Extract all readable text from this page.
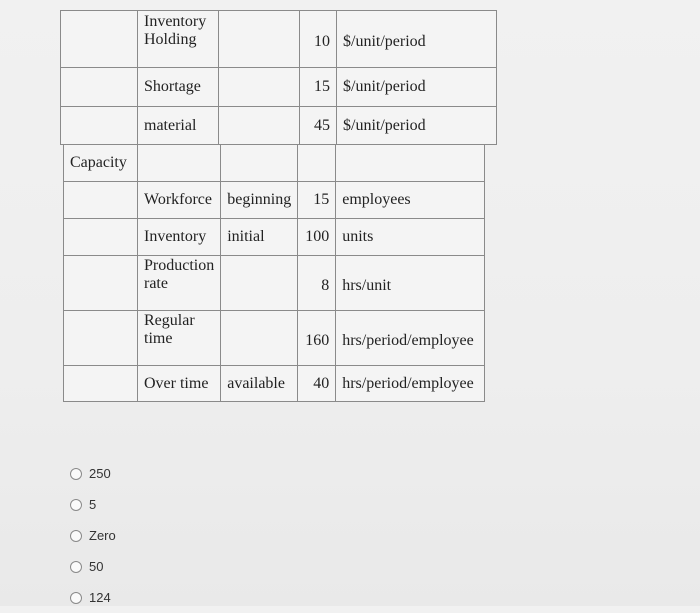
	Inventory Holding		10	$/unit/period
	Shortage		15	$/unit/period
	material		45	$/unit/period
Capacity				
	Workforce	beginning	15	employees
	Inventory	initial	100	units
	Production rate		8	hrs/unit
	Regular time		160	hrs/period/employee
	Over time	available	40	hrs/period/employee
250
5
Zero
50
124
